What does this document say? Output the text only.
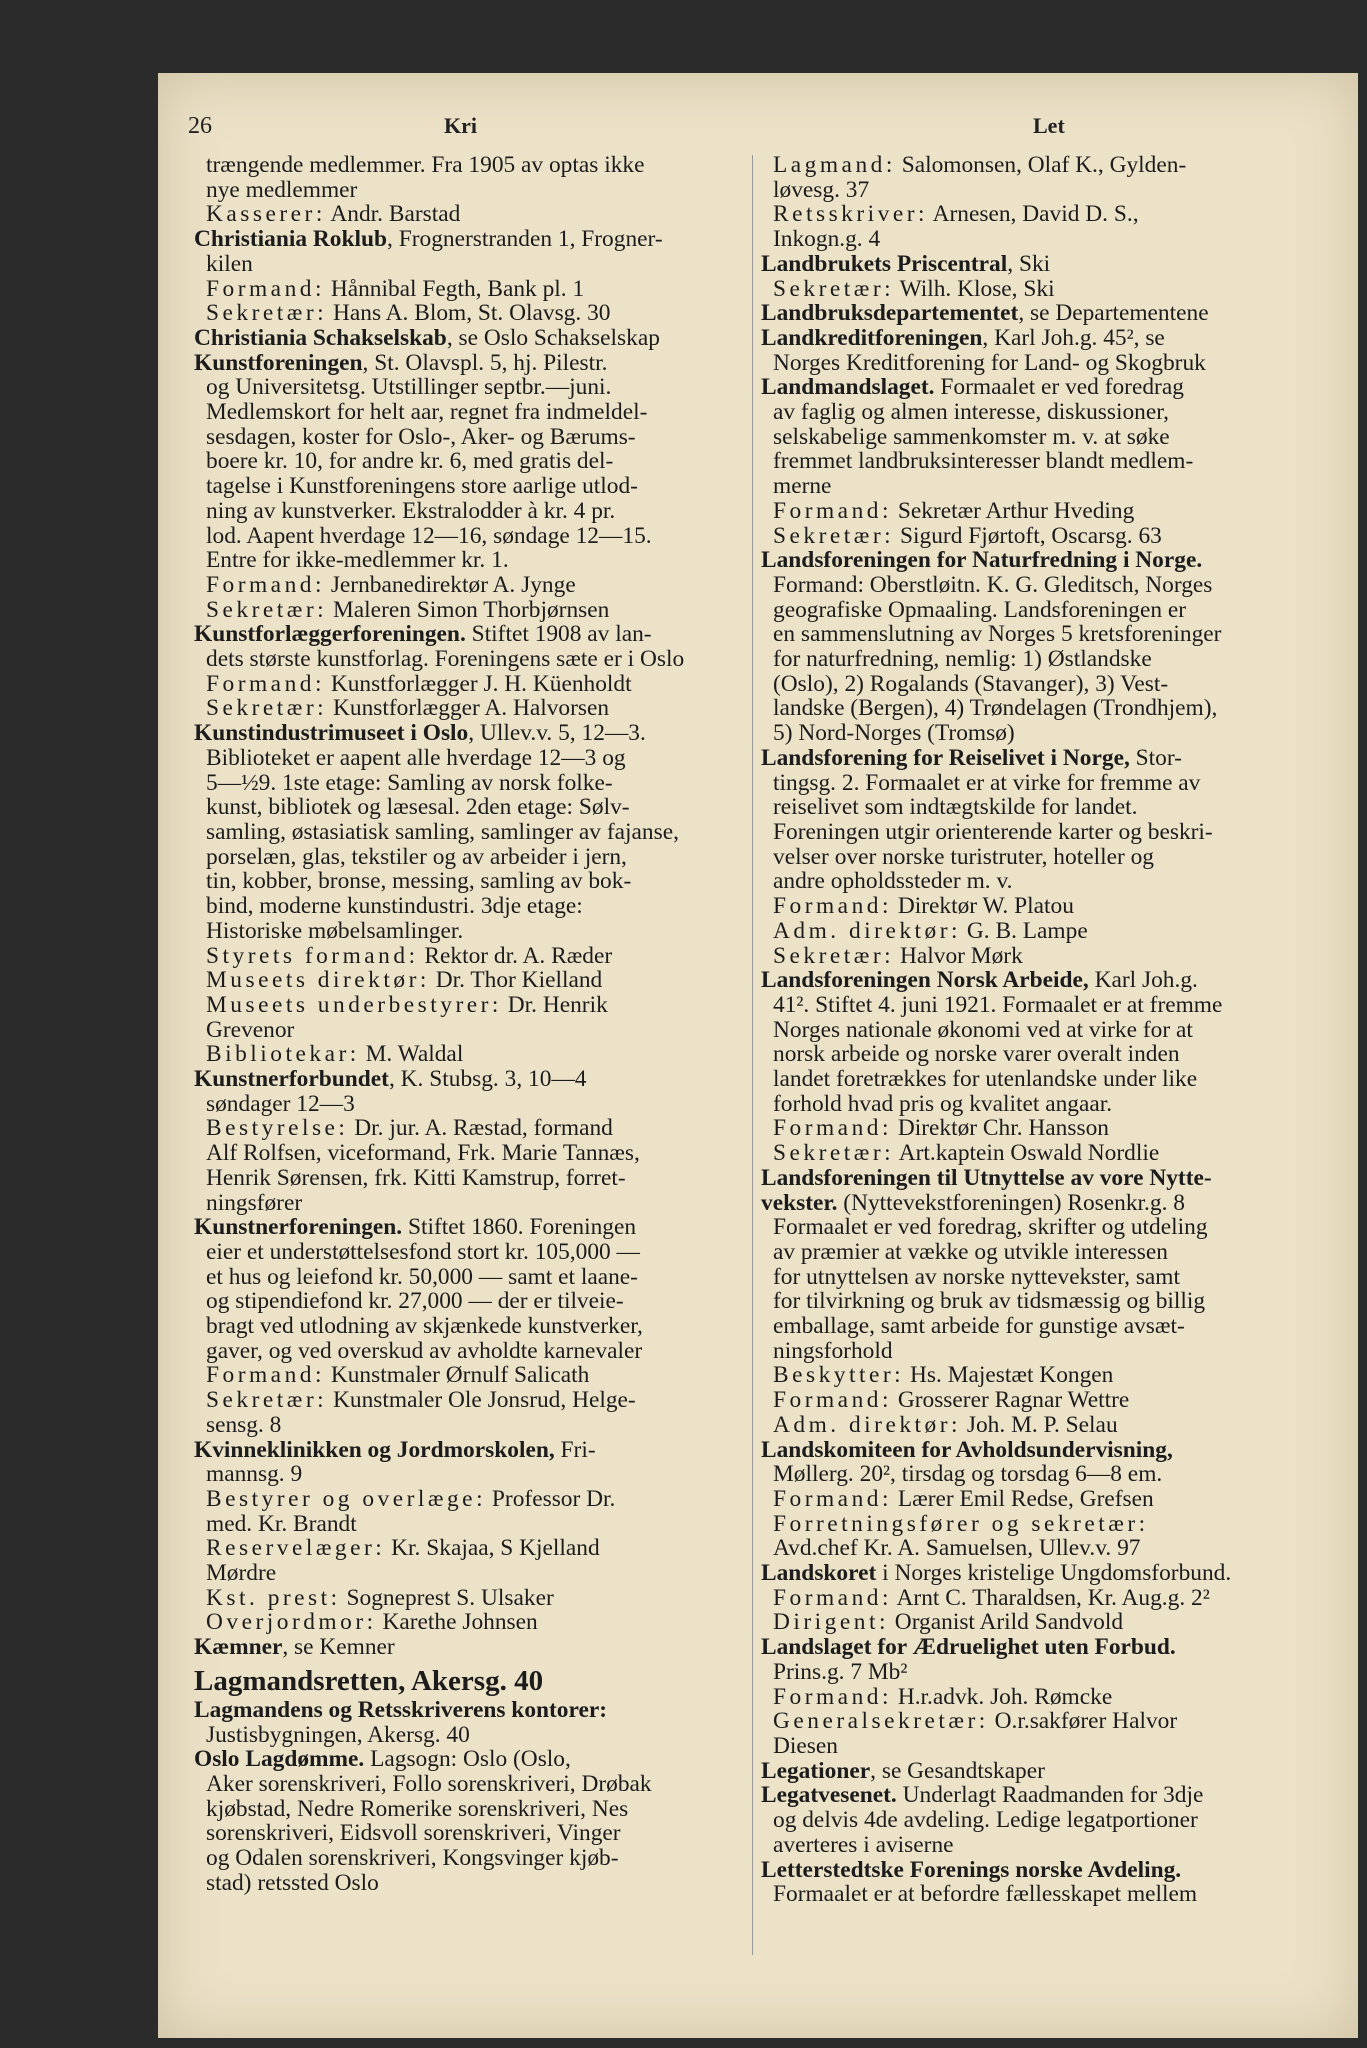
26	Kri	Let
trængende medlemmer. Fra 1905 av optas ikke
nye medlemmer
Kasserer: Andr. Barstad
Christiania Roklub, Frognerstranden 1, Frogner-
kilen
Formand: Hånnibal Fegth, Bank pl. 1
Sekretær: Hans A. Blom, St. Olavsg. 30
Christiania Schakselskab, se Oslo Schakselskap
Kunstforeningen, St. Olavspl. 5, hj. Pilestr.
og Universitetsg. Utstillinger septbr.—juni.
Medlemskort for helt aar, regnet fra indmeldel-
sesdagen, koster for Oslo-, Aker- og Bærums-
boere kr. 10, for andre kr. 6, med gratis del-
tagelse i Kunstforeningens store aarlige utlod-
ning av kunstverker. Ekstralodder à kr. 4 pr.
lod. Aapent hverdage 12—16, søndage 12—15.
Entre for ikke-medlemmer kr. 1.
Formand: Jernbanedirektør A. Jynge
Sekretær: Maleren Simon Thorbjørnsen
Kunstforlæggerforeningen. Stiftet 1908 av lan-
dets største kunstforlag. Foreningens sæte er i Oslo
Formand: Kunstforlægger J. H. Küenholdt
Sekretær: Kunstforlægger A. Halvorsen
Kunstindustrimuseet i Oslo, Ullev.v. 5, 12—3.
Biblioteket er aapent alle hverdage 12—3 og
5—½9. 1ste etage: Samling av norsk folke-
kunst, bibliotek og læsesal. 2den etage: Sølv-
samling, østasiatisk samling, samlinger av fajanse,
porselæn, glas, tekstiler og av arbeider i jern,
tin, kobber, bronse, messing, samling av bok-
bind, moderne kunstindustri. 3dje etage:
Historiske møbelsamlinger.
Styrets formand: Rektor dr. A. Ræder
Museets direktør: Dr. Thor Kielland
Museets underbestyrer: Dr. Henrik
Grevenor
Bibliotekar: M. Waldal
Kunstnerforbundet, K. Stubsg. 3, 10—4
søndager 12—3
Bestyrelse: Dr. jur. A. Ræstad, formand
Alf Rolfsen, viceformand, Frk. Marie Tannæs,
Henrik Sørensen, frk. Kitti Kamstrup, forret-
ningsfører
Kunstnerforeningen. Stiftet 1860. Foreningen
eier et understøttelsesfond stort kr. 105,000 —
et hus og leiefond kr. 50,000 — samt et laane-
og stipendiefond kr. 27,000 — der er tilveie-
bragt ved utlodning av skjænkede kunstverker,
gaver, og ved overskud av avholdte karnevaler
Formand: Kunstmaler Ørnulf Salicath
Sekretær: Kunstmaler Ole Jonsrud, Helge-
sensg. 8
Kvinneklinikken og Jordmorskolen, Fri-
mannsg. 9
Bestyrer og overlæge: Professor Dr.
med. Kr. Brandt
Reservelæger: Kr. Skajaa, S Kjelland
Mørdre
Kst. prest: Sogneprest S. Ulsaker
Overjordmor: Karethe Johnsen
Kæmner, se Kemner
Lagmandsretten, Akersg. 40
Lagmandens og Retsskriverens kontorer:
Justisbygningen, Akersg. 40
Oslo Lagdømme. Lagsogn: Oslo (Oslo,
Aker sorenskriveri, Follo sorenskriveri, Drøbak
kjøbstad, Nedre Romerike sorenskriveri, Nes
sorenskriveri, Eidsvoll sorenskriveri, Vinger
og Odalen sorenskriveri, Kongsvinger kjøb-
stad) retssted Oslo
Lagmand: Salomonsen, Olaf K., Gylden-
løvesg. 37
Retsskriver: Arnesen, David D. S.,
Inkogn.g. 4
Landbrukets Priscentral, Ski
Sekretær: Wilh. Klose, Ski
Landbruksdepartementet, se Departementene
Landkreditforeningen, Karl Joh.g. 45², se
Norges Kreditforening for Land- og Skogbruk
Landmandslaget. Formaalet er ved foredrag
av faglig og almen interesse, diskussioner,
selskabelige sammenkomster m. v. at søke
fremmet landbruksinteresser blandt medlem-
merne
Formand: Sekretær Arthur Hveding
Sekretær: Sigurd Fjørtoft, Oscarsg. 63
Landsforeningen for Naturfredning i Norge.
Formand: Oberstløitn. K. G. Gleditsch, Norges
geografiske Opmaaling. Landsforeningen er
en sammenslutning av Norges 5 kretsforeninger
for naturfredning, nemlig: 1) Østlandske
(Oslo), 2) Rogalands (Stavanger), 3) Vest-
landske (Bergen), 4) Trøndelagen (Trondhjem),
5) Nord-Norges (Tromsø)
Landsforening for Reiselivet i Norge, Stor-
tingsg. 2. Formaalet er at virke for fremme av
reiselivet som indtægtskilde for landet.
Foreningen utgir orienterende karter og beskri-
velser over norske turistruter, hoteller og
andre opholdssteder m. v.
Formand: Direktør W. Platou
Adm. direktør: G. B. Lampe
Sekretær: Halvor Mørk
Landsforeningen Norsk Arbeide, Karl Joh.g.
41². Stiftet 4. juni 1921. Formaalet er at fremme
Norges nationale økonomi ved at virke for at
norsk arbeide og norske varer overalt inden
landet foretrækkes for utenlandske under like
forhold hvad pris og kvalitet angaar.
Formand: Direktør Chr. Hansson
Sekretær: Art.kaptein Oswald Nordlie
Landsforeningen til Utnyttelse av vore Nytte-
vekster. (Nyttevekstforeningen) Rosenkr.g. 8
Formaalet er ved foredrag, skrifter og utdeling
av præmier at vække og utvikle interessen
for utnyttelsen av norske nyttevekster, samt
for tilvirkning og bruk av tidsmæssig og billig
emballage, samt arbeide for gunstige avsæt-
ningsforhold
Beskytter: Hs. Majestæt Kongen
Formand: Grosserer Ragnar Wettre
Adm. direktør: Joh. M. P. Selau
Landskomiteen for Avholdsundervisning,
Møllerg. 20², tirsdag og torsdag 6—8 em.
Formand: Lærer Emil Redse, Grefsen
Forretningsfører og sekretær:
Avd.chef Kr. A. Samuelsen, Ullev.v. 97
Landskoret i Norges kristelige Ungdomsforbund.
Formand: Arnt C. Tharaldsen, Kr. Aug.g. 2²
Dirigent: Organist Arild Sandvold
Landslaget for Ædruelighet uten Forbud.
Prins.g. 7 Mb²
Formand: H.r.advk. Joh. Rømcke
Generalsekretær: O.r.sakfører Halvor
Diesen
Legationer, se Gesandtskaper
Legatvesenet. Underlagt Raadmanden for 3dje
og delvis 4de avdeling. Ledige legatportioner
averteres i aviserne
Letterstedtske Forenings norske Avdeling.
Formaalet er at befordre fællesskapet mellem
